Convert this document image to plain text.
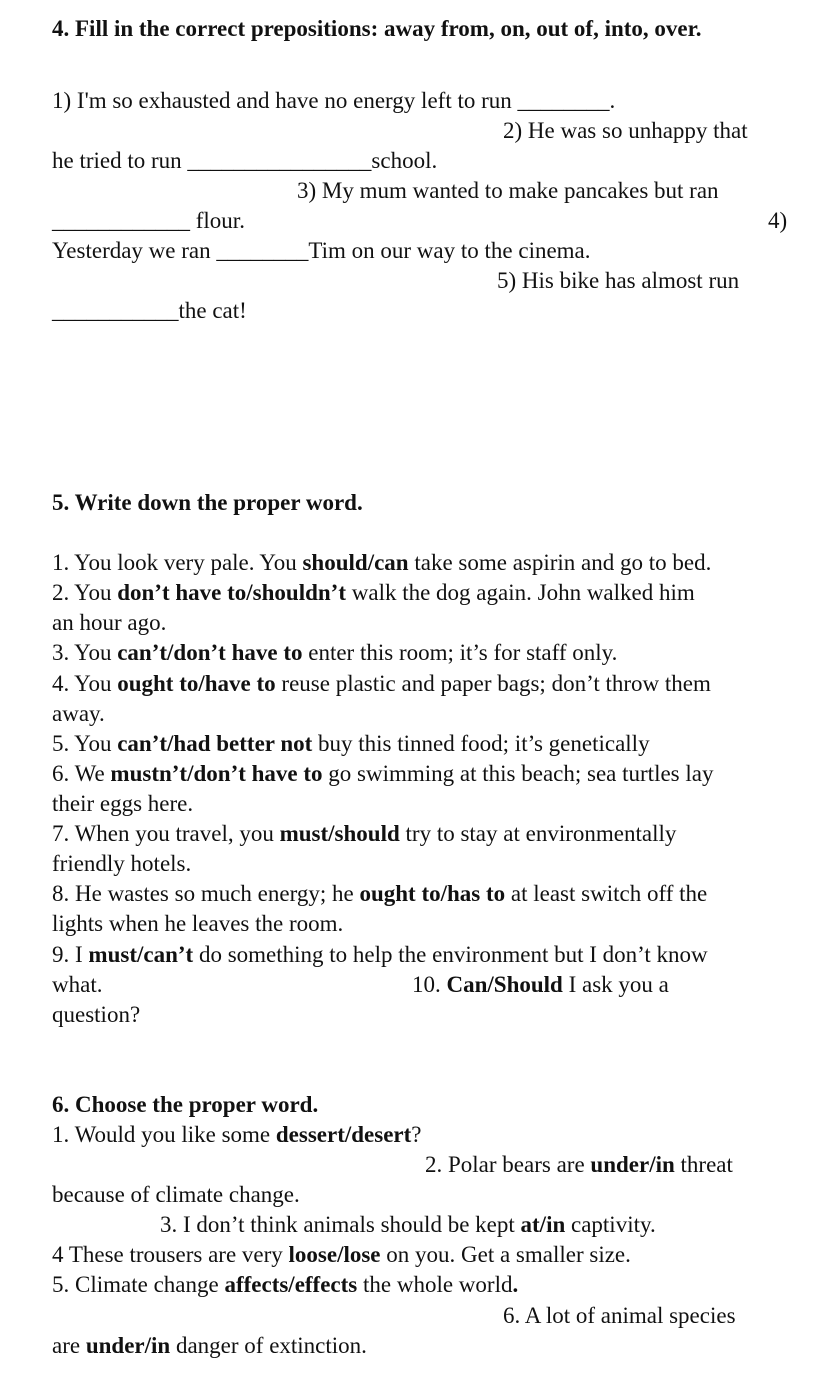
4. Fill in the correct prepositions: away from, on, out of, into, over.
1) I'm so exhausted and have no energy left to run ________.
2) He was so unhappy that
he tried to run ________________school.
3) My mum wanted to make pancakes but ran
____________ flour.	4)
Yesterday we ran ________Tim on our way to the cinema.
5) His bike has almost run
___________the cat!
5. Write down the proper word.
1. You look very pale. You should/can take some aspirin and go to bed.
2. You don’t have to/shouldn’t walk the dog again. John walked him
an hour ago.
3. You can’t/don’t have to enter this room; it’s for staff only.
4. You ought to/have to reuse plastic and paper bags; don’t throw them
away.
5. You can’t/had better not buy this tinned food; it’s genetically
6. We mustn’t/don’t have to go swimming at this beach; sea turtles lay
their eggs here.
7. When you travel, you must/should try to stay at environmentally
friendly hotels.
8. He wastes so much energy; he ought to/has to at least switch off the
lights when he leaves the room.
9. I must/can’t do something to help the environment but I don’t know
what.	10. Can/Should I ask you a
question?
6. Choose the proper word.
1. Would you like some dessert/desert?
2. Polar bears are under/in threat
because of climate change.
3. I don’t think animals should be kept at/in captivity.
4 These trousers are very loose/lose on you. Get a smaller size.
5. Climate change affects/effects the whole world.
6. A lot of animal species
are under/in danger of extinction.
